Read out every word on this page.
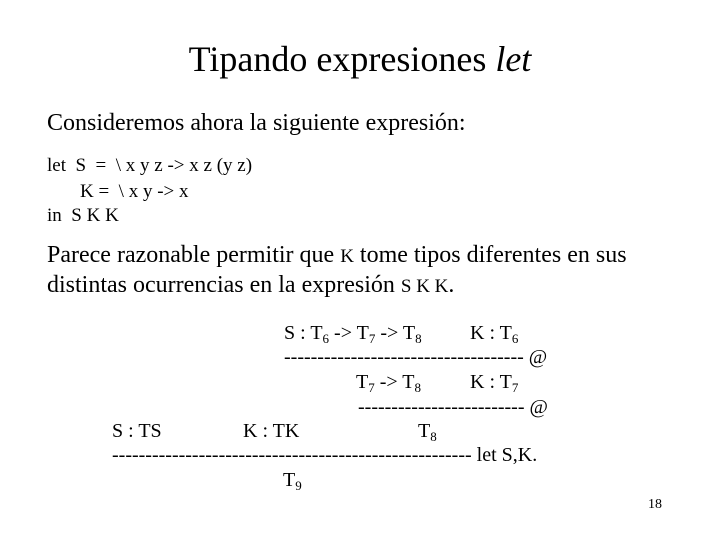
Tipando expresiones let
Consideremos ahora la siguiente expresión:
let  S  =  \ x y z -> x z (y z)
K =  \ x y -> x
in  S K K
Parece razonable permitir que K tome tipos diferentes en sus
distintas ocurrencias en la expresión S K K.
S : $T_6 -> T_7 -> T_8$ K : $T_6$
------------------------------------ @
$T_7 -> T_8$ K : $T_7$
------------------------- @
S : TS	K : TK	$T_8$
------------------------------------------------------ let S,K.
$T_9$
18
